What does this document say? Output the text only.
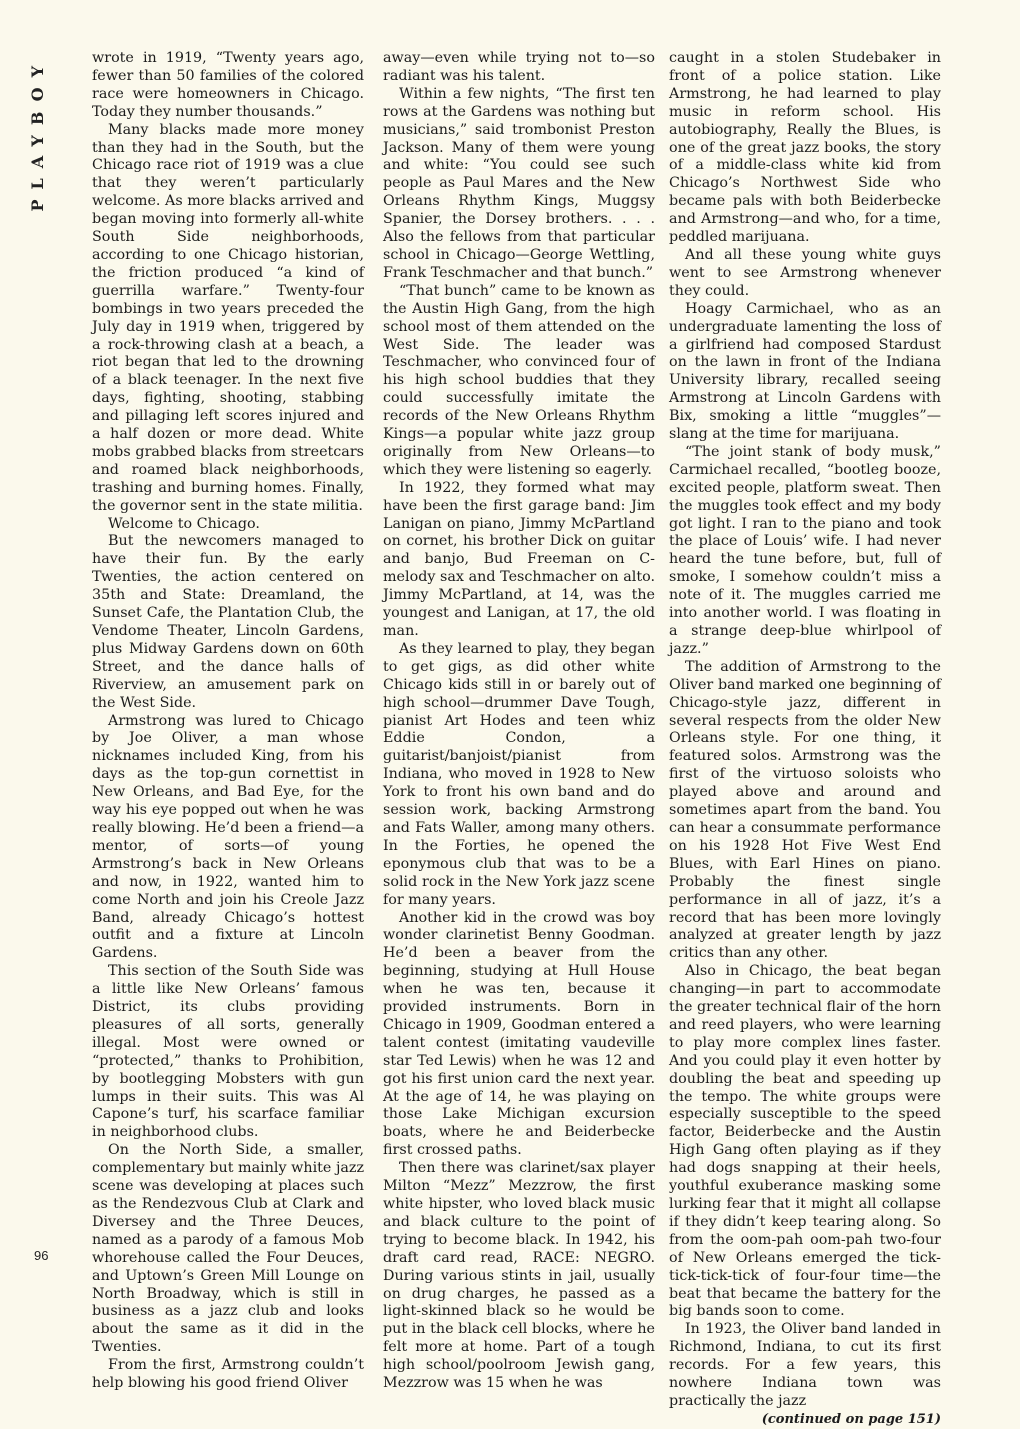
PLAYBOY
96

wrote in 1919, “Twenty years ago, fewer than 50 families of the colored race were homeowners in Chicago. Today they number thousands.”

Many blacks made more money than they had in the South, but the Chicago race riot of 1919 was a clue that they weren’t particularly welcome. As more blacks arrived and began moving into formerly all-white South Side neighborhoods, according to one Chicago historian, the friction produced “a kind of guerrilla warfare.” Twenty-four bombings in two years preceded the July day in 1919 when, triggered by a rock-throwing clash at a beach, a riot began that led to the drowning of a black teenager. In the next five days, fighting, shooting, stabbing and pillaging left scores injured and a half dozen or more dead. White mobs grabbed blacks from streetcars and roamed black neighborhoods, trashing and burning homes. Finally, the governor sent in the state militia.

Welcome to Chicago.

But the newcomers managed to have their fun. By the early Twenties, the action centered on 35th and State: Dreamland, the Sunset Cafe, the Plantation Club, the Vendome Theater, Lincoln Gardens, plus Midway Gardens down on 60th Street, and the dance halls of Riverview, an amusement park on the West Side.

Armstrong was lured to Chicago by Joe Oliver, a man whose nicknames included King, from his days as the top-gun cornettist in New Orleans, and Bad Eye, for the way his eye popped out when he was really blowing. He’d been a friend—a mentor, of sorts—of young Armstrong’s back in New Orleans and now, in 1922, wanted him to come North and join his Creole Jazz Band, already Chicago’s hottest outfit and a fixture at Lincoln Gardens.

This section of the South Side was a little like New Orleans’ famous District, its clubs providing pleasures of all sorts, generally illegal. Most were owned or “protected,” thanks to Prohibition, by bootlegging Mobsters with gun lumps in their suits. This was Al Capone’s turf, his scarface familiar in neighborhood clubs.

On the North Side, a smaller, complementary but mainly white jazz scene was developing at places such as the Rendezvous Club at Clark and Diversey and the Three Deuces, named as a parody of a famous Mob whorehouse called the Four Deuces, and Uptown’s Green Mill Lounge on North Broadway, which is still in business as a jazz club and looks about the same as it did in the Twenties.

From the first, Armstrong couldn’t help blowing his good friend Oliver

away—even while trying not to—so radiant was his talent.

Within a few nights, “The first ten rows at the Gardens was nothing but musicians,” said trombonist Preston Jackson. Many of them were young and white: “You could see such people as Paul Mares and the New Orleans Rhythm Kings, Muggsy Spanier, the Dorsey brothers. . . . Also the fellows from that particular school in Chicago—George Wettling, Frank Teschmacher and that bunch.”

“That bunch” came to be known as the Austin High Gang, from the high school most of them attended on the West Side. The leader was Teschmacher, who convinced four of his high school buddies that they could successfully imitate the records of the New Orleans Rhythm Kings—a popular white jazz group originally from New Orleans—to which they were listening so eagerly.

In 1922, they formed what may have been the first garage band: Jim Lanigan on piano, Jimmy McPartland on cornet, his brother Dick on guitar and banjo, Bud Freeman on C-melody sax and Teschmacher on alto. Jimmy McPartland, at 14, was the youngest and Lanigan, at 17, the old man.

As they learned to play, they began to get gigs, as did other white Chicago kids still in or barely out of high school—drummer Dave Tough, pianist Art Hodes and teen whiz Eddie Condon, a guitarist/banjoist/pianist from Indiana, who moved in 1928 to New York to front his own band and do session work, backing Armstrong and Fats Waller, among many others. In the Forties, he opened the eponymous club that was to be a solid rock in the New York jazz scene for many years.

Another kid in the crowd was boy wonder clarinetist Benny Goodman. He’d been a beaver from the beginning, studying at Hull House when he was ten, because it provided instruments. Born in Chicago in 1909, Goodman entered a talent contest (imitating vaudeville star Ted Lewis) when he was 12 and got his first union card the next year. At the age of 14, he was playing on those Lake Michigan excursion boats, where he and Beiderbecke first crossed paths.

Then there was clarinet/sax player Milton “Mezz” Mezzrow, the first white hipster, who loved black music and black culture to the point of trying to become black. In 1942, his draft card read, RACE: NEGRO. During various stints in jail, usually on drug charges, he passed as a light-skinned black so he would be put in the black cell blocks, where he felt more at home. Part of a tough high school/poolroom Jewish gang, Mezzrow was 15 when he was

caught in a stolen Studebaker in front of a police station. Like Armstrong, he had learned to play music in reform school. His autobiography, Really the Blues, is one of the great jazz books, the story of a middle-class white kid from Chicago’s Northwest Side who became pals with both Beiderbecke and Armstrong—and who, for a time, peddled marijuana.

And all these young white guys went to see Armstrong whenever they could.

Hoagy Carmichael, who as an undergraduate lamenting the loss of a girlfriend had composed Stardust on the lawn in front of the Indiana University library, recalled seeing Armstrong at Lincoln Gardens with Bix, smoking a little “muggles”—slang at the time for marijuana.

“The joint stank of body musk,” Carmichael recalled, “bootleg booze, excited people, platform sweat. Then the muggles took effect and my body got light. I ran to the piano and took the place of Louis’ wife. I had never heard the tune before, but, full of smoke, I somehow couldn’t miss a note of it. The muggles carried me into another world. I was floating in a strange deep-blue whirlpool of jazz.”

The addition of Armstrong to the Oliver band marked one beginning of Chicago-style jazz, different in several respects from the older New Orleans style. For one thing, it featured solos. Armstrong was the first of the virtuoso soloists who played above and around and sometimes apart from the band. You can hear a consummate performance on his 1928 Hot Five West End Blues, with Earl Hines on piano. Probably the finest single performance in all of jazz, it’s a record that has been more lovingly analyzed at greater length by jazz critics than any other.

Also in Chicago, the beat began changing—in part to accommodate the greater technical flair of the horn and reed players, who were learning to play more complex lines faster. And you could play it even hotter by doubling the beat and speeding up the tempo. The white groups were especially susceptible to the speed factor, Beiderbecke and the Austin High Gang often playing as if they had dogs snapping at their heels, youthful exuberance masking some lurking fear that it might all collapse if they didn’t keep tearing along. So from the oom-pah oom-pah two-four of New Orleans emerged the tick-tick-tick-tick of four-four time—the beat that became the battery for the big bands soon to come.

In 1923, the Oliver band landed in Richmond, Indiana, to cut its first records. For a few years, this nowhere Indiana town was practically the jazz

(continued on page 151)
